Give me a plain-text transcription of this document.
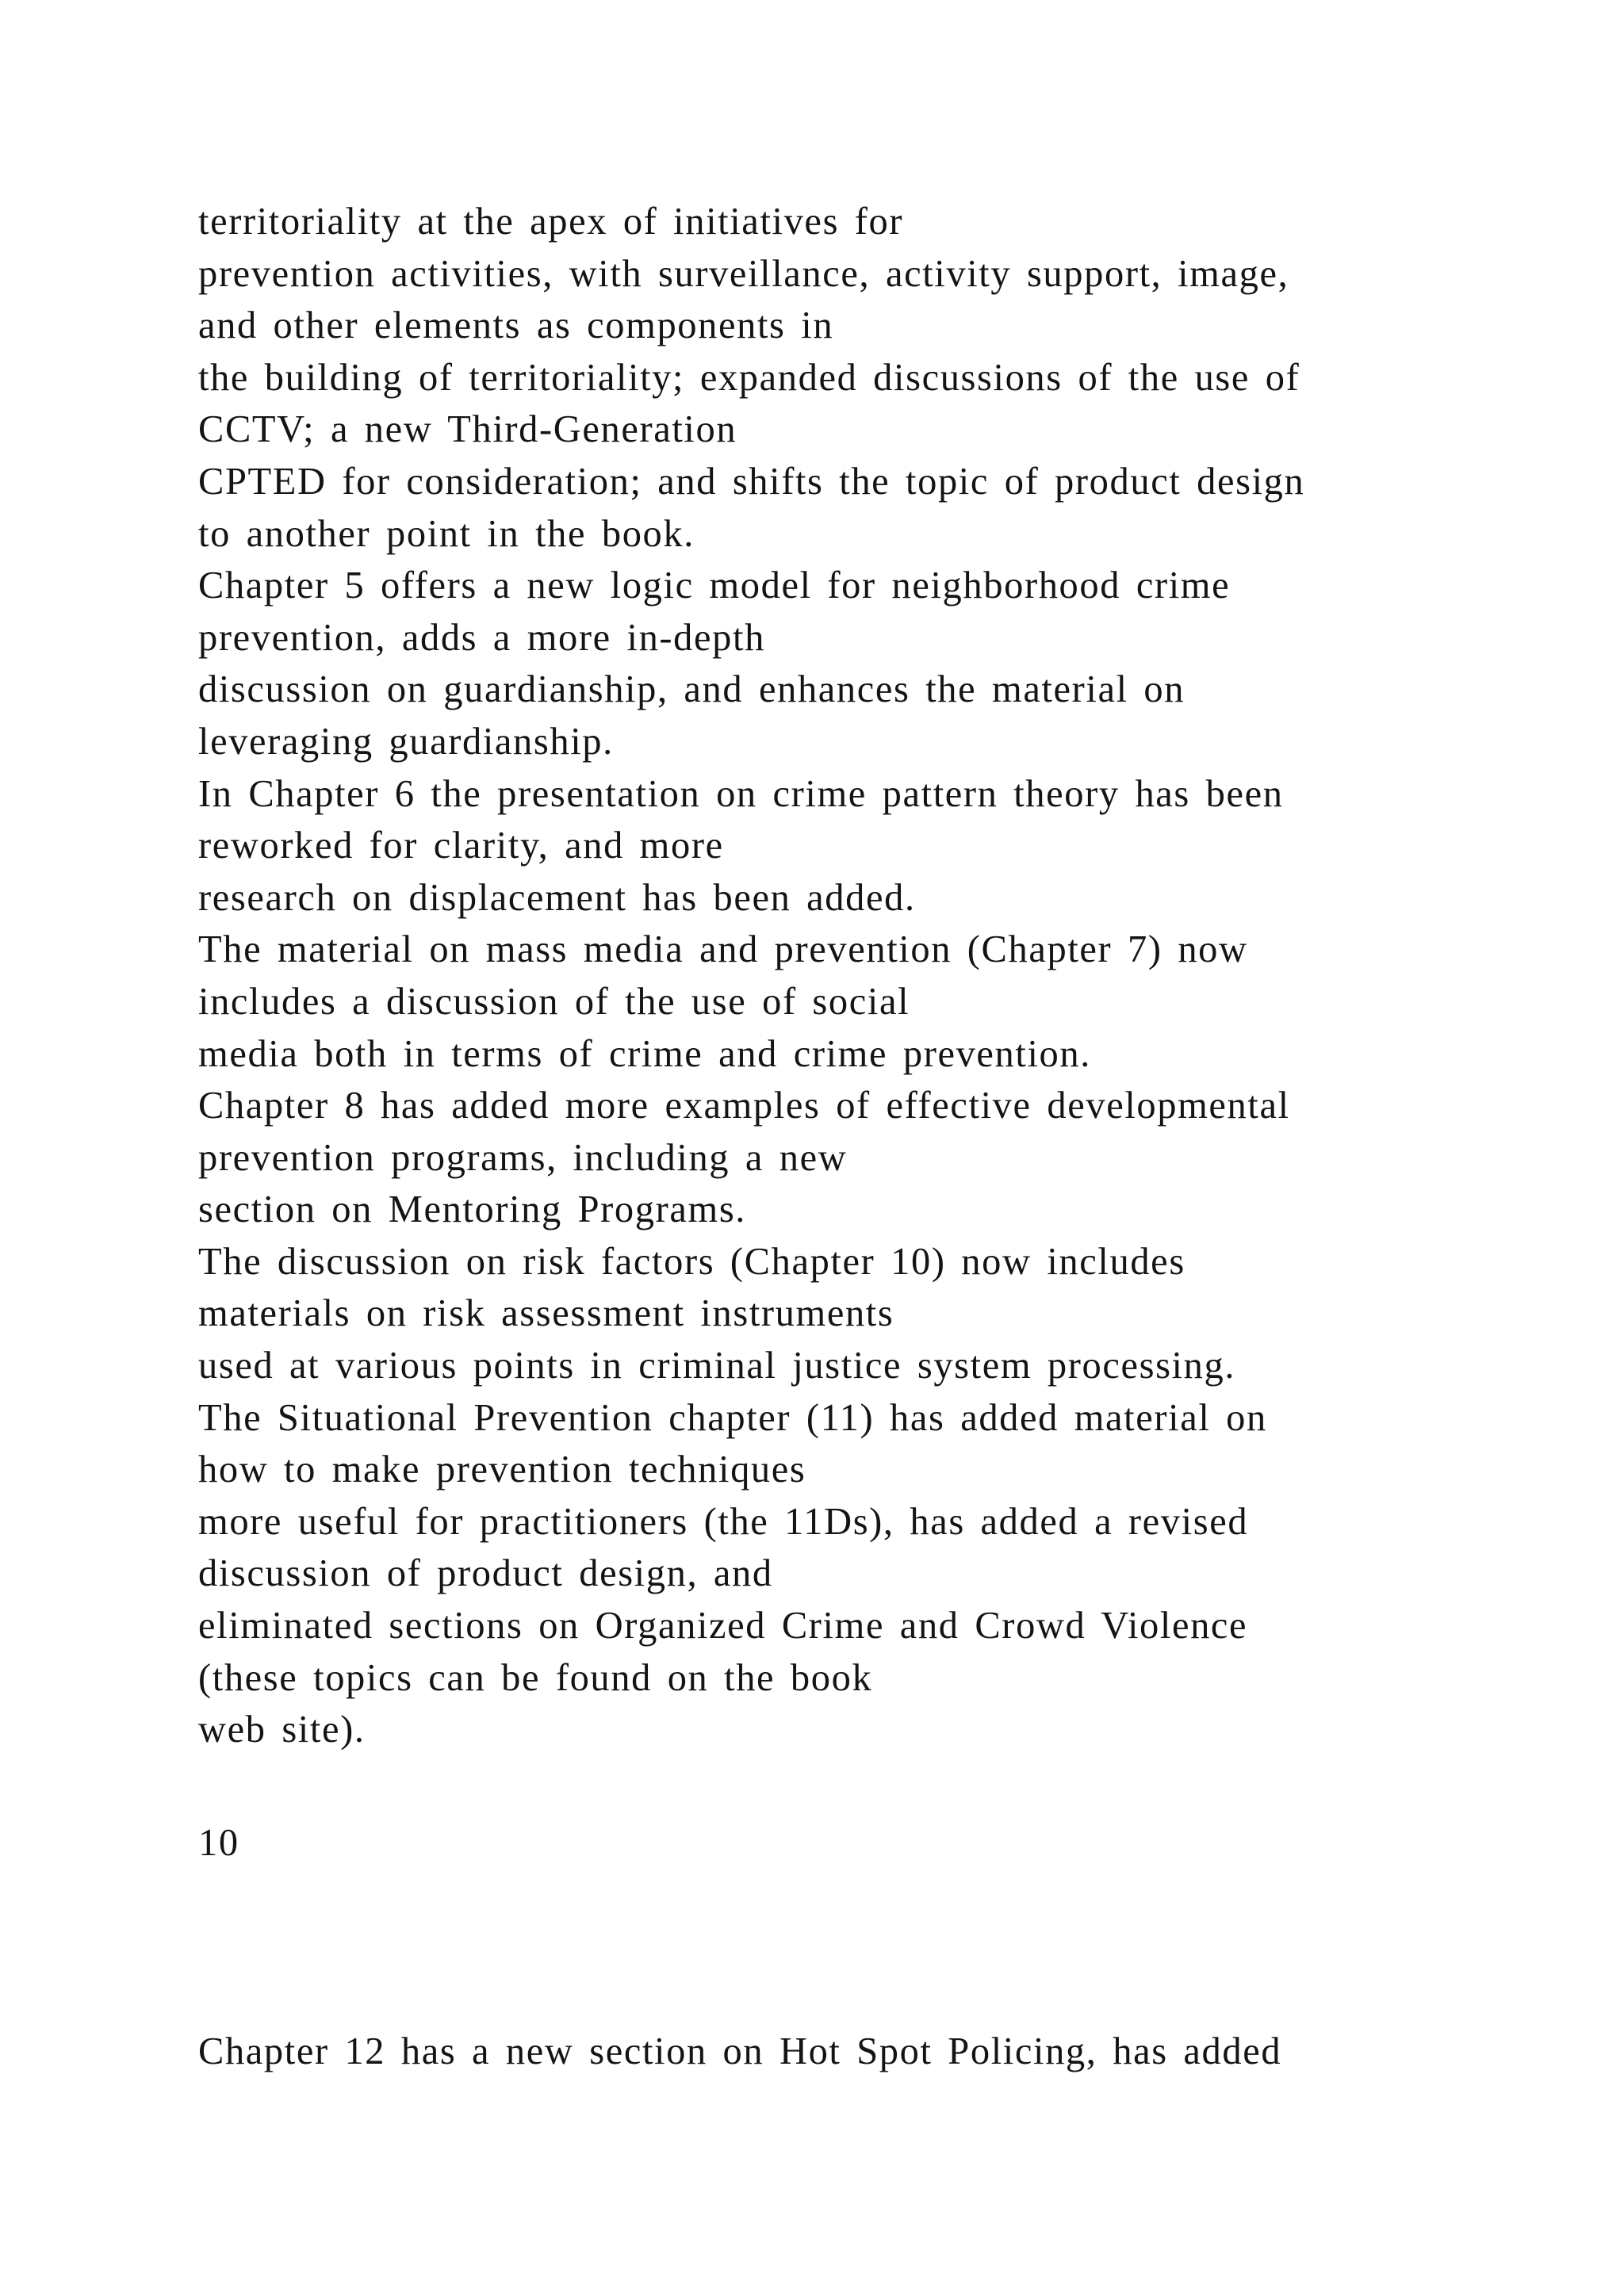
territoriality at the apex of initiatives for
prevention activities, with surveillance, activity support, image,
and other elements as components in
the building of territoriality; expanded discussions of the use of
CCTV; a new Third-Generation
CPTED for consideration; and shifts the topic of product design
to another point in the book.
Chapter 5 offers a new logic model for neighborhood crime
prevention, adds a more in-depth
discussion on guardianship, and enhances the material on
leveraging guardianship.
In Chapter 6 the presentation on crime pattern theory has been
reworked for clarity, and more
research on displacement has been added.
The material on mass media and prevention (Chapter 7) now
includes a discussion of the use of social
media both in terms of crime and crime prevention.
Chapter 8 has added more examples of effective developmental
prevention programs, including a new
section on Mentoring Programs.
The discussion on risk factors (Chapter 10) now includes
materials on risk assessment instruments
used at various points in criminal justice system processing.
The Situational Prevention chapter (11) has added material on
how to make prevention techniques
more useful for practitioners (the 11Ds), has added a revised
discussion of product design, and
eliminated sections on Organized Crime and Crowd Violence
(these topics can be found on the book
web site).
10
Chapter 12 has a new section on Hot Spot Policing, has added
